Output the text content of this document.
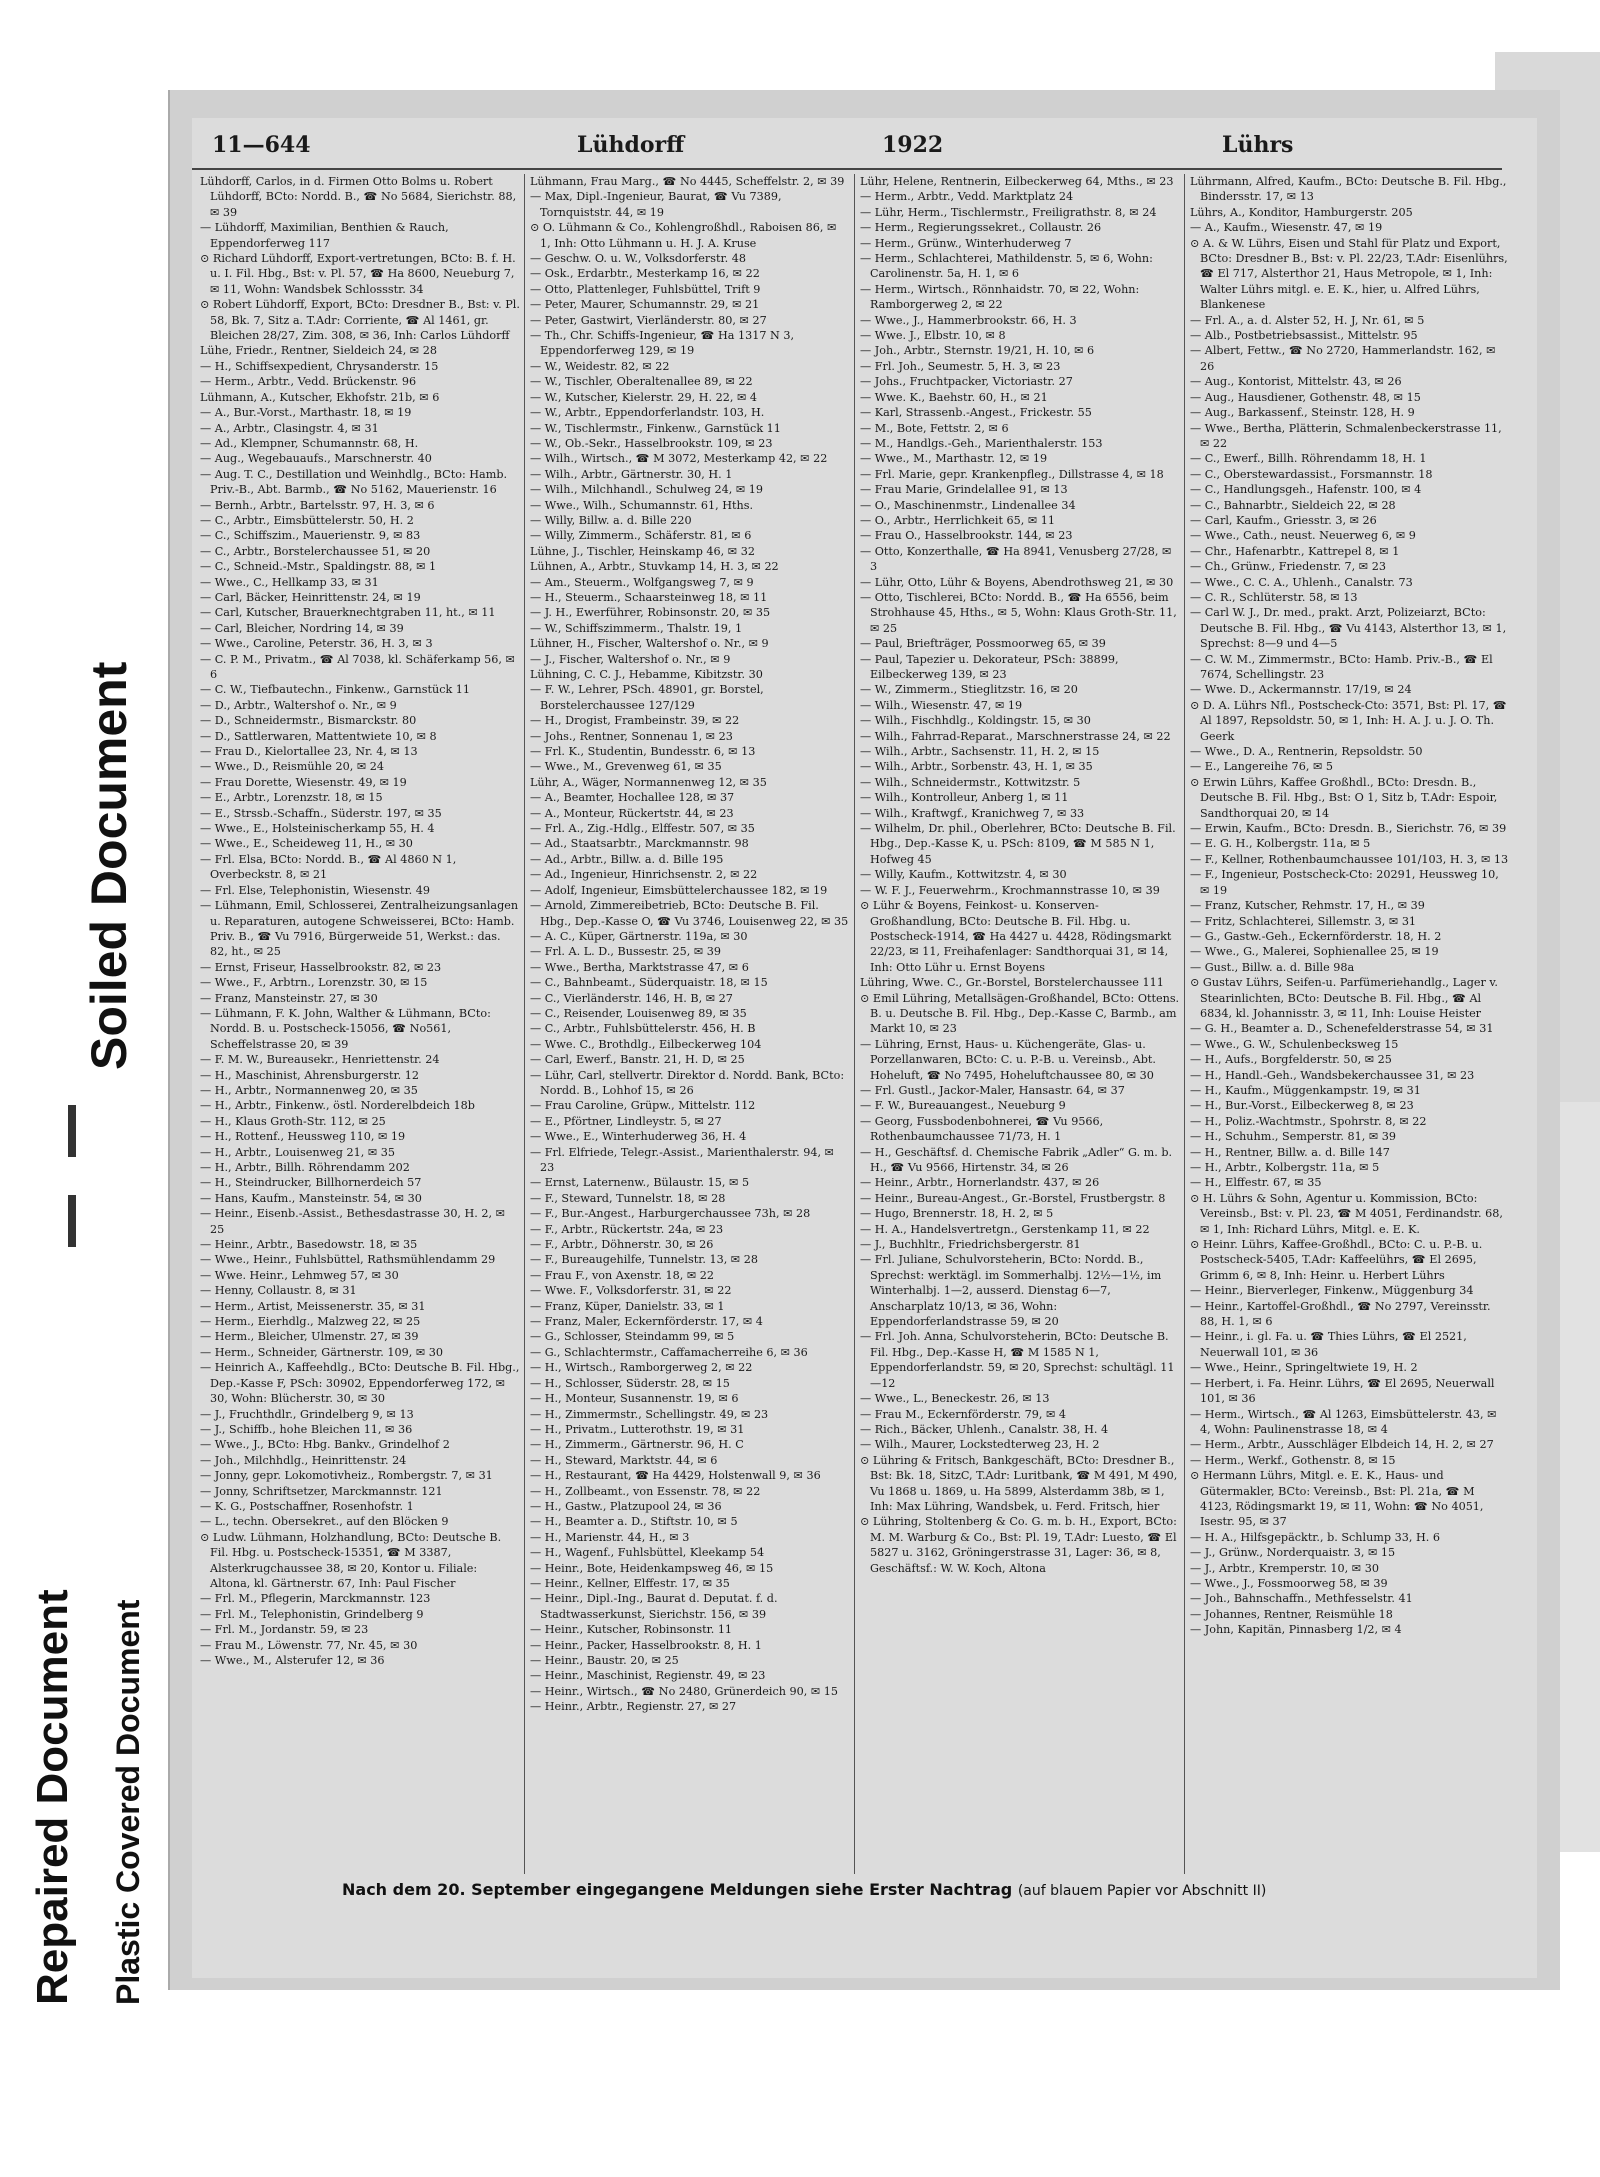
Soiled Document
Repaired Document Plastic Covered Document
11—644	Lühdorff	1922	Lührs

Lühdorff, Carlos, in d. Firmen Otto Bolms u. Robert Lühdorff, BCto: Nordd. B., ☎ No 5684, Sierichstr. 88, ✉ 39

— Lühdorff, Maximilian, Benthien & Rauch, Eppendorferweg 117

⊙ Richard Lühdorff, Export-vertretungen, BCto: B. f. H. u. I. Fil. Hbg., Bst: v. Pl. 57, ☎ Ha 8600, Neueburg 7, ✉ 11, Wohn: Wandsbek Schlossstr. 34

⊙ Robert Lühdorff, Export, BCto: Dresdner B., Bst: v. Pl. 58, Bk. 7, Sitz a. T.Adr: Corriente, ☎ Al 1461, gr. Bleichen 28/27, Zim. 308, ✉ 36, Inh: Carlos Lühdorff

Lühe, Friedr., Rentner, Sieldeich 24, ✉ 28

— H., Schiffsexpedient, Chrysanderstr. 15

— Herm., Arbtr., Vedd. Brückenstr. 96

Lühmann, A., Kutscher, Ekhofstr. 21b, ✉ 6

— A., Bur.-Vorst., Marthastr. 18, ✉ 19

— A., Arbtr., Clasingstr. 4, ✉ 31

— Ad., Klempner, Schumannstr. 68, H.

— Aug., Wegebauaufs., Marschnerstr. 40

— Aug. T. C., Destillation und Weinhdlg., BCto: Hamb. Priv.-B., Abt. Barmb., ☎ No 5162, Mauerienstr. 16

— Bernh., Arbtr., Bartelsstr. 97, H. 3, ✉ 6

— C., Arbtr., Eimsbüttelerstr. 50, H. 2

— C., Schiffszim., Mauerienstr. 9, ✉ 83

— C., Arbtr., Borstelerchaussee 51, ✉ 20

— C., Schneid.-Mstr., Spaldingstr. 88, ✉ 1

— Wwe., C., Hellkamp 33, ✉ 31

— Carl, Bäcker, Heinrittenstr. 24, ✉ 19

— Carl, Kutscher, Brauerknechtgraben 11, ht., ✉ 11

— Carl, Bleicher, Nordring 14, ✉ 39

— Wwe., Caroline, Peterstr. 36, H. 3, ✉ 3

— C. P. M., Privatm., ☎ Al 7038, kl. Schäferkamp 56, ✉ 6

— C. W., Tiefbautechn., Finkenw., Garnstück 11

— D., Arbtr., Waltershof o. Nr., ✉ 9

— D., Schneidermstr., Bismarckstr. 80

— D., Sattlerwaren, Mattentwiete 10, ✉ 8

— Frau D., Kielortallee 23, Nr. 4, ✉ 13

— Wwe., D., Reismühle 20, ✉ 24

— Frau Dorette, Wiesenstr. 49, ✉ 19

— E., Arbtr., Lorenzstr. 18, ✉ 15

— E., Strssb.-Schaffn., Süderstr. 197, ✉ 35

— Wwe., E., Holsteinischerkamp 55, H. 4

— Wwe., E., Scheideweg 11, H., ✉ 30

— Frl. Elsa, BCto: Nordd. B., ☎ Al 4860 N 1, Overbeckstr. 8, ✉ 21

— Frl. Else, Telephonistin, Wiesenstr. 49

— Lühmann, Emil, Schlosserei, Zentralheizungsanlagen u. Reparaturen, autogene Schweisserei, BCto: Hamb. Priv. B., ☎ Vu 7916, Bürgerweide 51, Werkst.: das. 82, ht., ✉ 25

— Ernst, Friseur, Hasselbrookstr. 82, ✉ 23

— Wwe., F., Arbtrn., Lorenzstr. 30, ✉ 15

— Franz, Mansteinstr. 27, ✉ 30

— Lühmann, F. K. John, Walther & Lühmann, BCto: Nordd. B. u. Postscheck-15056, ☎ No561, Scheffelstrasse 20, ✉ 39

— F. M. W., Bureausekr., Henriettenstr. 24

— H., Maschinist, Ahrensburgerstr. 12

— H., Arbtr., Normannenweg 20, ✉ 35

— H., Arbtr., Finkenw., östl. Norderelbdeich 18b

— H., Klaus Groth-Str. 112, ✉ 25

— H., Rottenf., Heussweg 110, ✉ 19

— H., Arbtr., Louisenweg 21, ✉ 35

— H., Arbtr., Billh. Röhrendamm 202

— H., Steindrucker, Billhornerdeich 57

— Hans, Kaufm., Mansteinstr. 54, ✉ 30

— Heinr., Eisenb.-Assist., Bethesdastrasse 30, H. 2, ✉ 25

— Heinr., Arbtr., Basedowstr. 18, ✉ 35

— Wwe., Heinr., Fuhlsbüttel, Rathsmühlendamm 29

— Wwe. Heinr., Lehmweg 57, ✉ 30

— Henny, Collaustr. 8, ✉ 31

— Herm., Artist, Meissenerstr. 35, ✉ 31

— Herm., Eierhdlg., Malzweg 22, ✉ 25

— Herm., Bleicher, Ulmenstr. 27, ✉ 39

— Herm., Schneider, Gärtnerstr. 109, ✉ 30

— Heinrich A., Kaffeehdlg., BCto: Deutsche B. Fil. Hbg., Dep.-Kasse F, PSch: 30902, Eppendorferweg 172, ✉ 30, Wohn: Blücherstr. 30, ✉ 30

— J., Fruchthdlr., Grindelberg 9, ✉ 13

— J., Schiffb., hohe Bleichen 11, ✉ 36

— Wwe., J., BCto: Hbg. Bankv., Grindelhof 2

— Joh., Milchhdlg., Heinrittenstr. 24

— Jonny, gepr. Lokomotivheiz., Rombergstr. 7, ✉ 31

— Jonny, Schriftsetzer, Marckmannstr. 121

— K. G., Postschaffner, Rosenhofstr. 1

— L., techn. Obersekret., auf den Blöcken 9

⊙ Ludw. Lühmann, Holzhandlung, BCto: Deutsche B. Fil. Hbg. u. Postscheck-15351, ☎ M 3387, Alsterkrugchaussee 38, ✉ 20, Kontor u. Filiale: Altona, kl. Gärtnerstr. 67, Inh: Paul Fischer

— Frl. M., Pflegerin, Marckmannstr. 123

— Frl. M., Telephonistin, Grindelberg 9

— Frl. M., Jordanstr. 59, ✉ 23

— Frau M., Löwenstr. 77, Nr. 45, ✉ 30

— Wwe., M., Alsterufer 12, ✉ 36

Lühmann, Frau Marg., ☎ No 4445, Scheffelstr. 2, ✉ 39

— Max, Dipl.-Ingenieur, Baurat, ☎ Vu 7389, Tornquiststr. 44, ✉ 19

⊙ O. Lühmann & Co., Kohlengroßhdl., Raboisen 86, ✉ 1, Inh: Otto Lühmann u. H. J. A. Kruse

— Geschw. O. u. W., Volksdorferstr. 48

— Osk., Erdarbtr., Mesterkamp 16, ✉ 22

— Otto, Plattenleger, Fuhlsbüttel, Trift 9

— Peter, Maurer, Schumannstr. 29, ✉ 21

— Peter, Gastwirt, Vierländerstr. 80, ✉ 27

— Th., Chr. Schiffs-Ingenieur, ☎ Ha 1317 N 3, Eppendorferweg 129, ✉ 19

— W., Weidestr. 82, ✉ 22

— W., Tischler, Oberaltenallee 89, ✉ 22

— W., Kutscher, Kielerstr. 29, H. 22, ✉ 4

— W., Arbtr., Eppendorferlandstr. 103, H.

— W., Tischlermstr., Finkenw., Garnstück 11

— W., Ob.-Sekr., Hasselbrookstr. 109, ✉ 23

— Wilh., Wirtsch., ☎ M 3072, Mesterkamp 42, ✉ 22

— Wilh., Arbtr., Gärtnerstr. 30, H. 1

— Wilh., Milchhandl., Schulweg 24, ✉ 19

— Wwe., Wilh., Schumannstr. 61, Hths.

— Willy, Billw. a. d. Bille 220

— Willy, Zimmerm., Schäferstr. 81, ✉ 6

Lühne, J., Tischler, Heinskamp 46, ✉ 32

Lühnen, A., Arbtr., Stuvkamp 14, H. 3, ✉ 22

— Am., Steuerm., Wolfgangsweg 7, ✉ 9

— H., Steuerm., Schaarsteinweg 18, ✉ 11

— J. H., Ewerführer, Robinsonstr. 20, ✉ 35

— W., Schiffszimmerm., Thalstr. 19, 1

Lühner, H., Fischer, Waltershof o. Nr., ✉ 9

— J., Fischer, Waltershof o. Nr., ✉ 9

Lühning, C. C. J., Hebamme, Kibitzstr. 30

— F. W., Lehrer, PSch. 48901, gr. Borstel, Borstelerchaussee 127/129

— H., Drogist, Frambeinstr. 39, ✉ 22

— Johs., Rentner, Sonnenau 1, ✉ 23

— Frl. K., Studentin, Bundesstr. 6, ✉ 13

— Wwe., M., Grevenweg 61, ✉ 35

Lühr, A., Wäger, Normannenweg 12, ✉ 35

— A., Beamter, Hochallee 128, ✉ 37

— A., Monteur, Rückertstr. 44, ✉ 23

— Frl. A., Zig.-Hdlg., Elffestr. 507, ✉ 35

— Ad., Staatsarbtr., Marckmannstr. 98

— Ad., Arbtr., Billw. a. d. Bille 195

— Ad., Ingenieur, Hinrichsenstr. 2, ✉ 22

— Adolf, Ingenieur, Eimsbüttelerchaussee 182, ✉ 19

— Arnold, Zimmereibetrieb, BCto: Deutsche B. Fil. Hbg., Dep.-Kasse O, ☎ Vu 3746, Louisenweg 22, ✉ 35

— A. C., Küper, Gärtnerstr. 119a, ✉ 30

— Frl. A. L. D., Bussestr. 25, ✉ 39

— Wwe., Bertha, Marktstrasse 47, ✉ 6

— C., Bahnbeamt., Süderquaistr. 18, ✉ 15

— C., Vierländerstr. 146, H. B, ✉ 27

— C., Reisender, Louisenweg 89, ✉ 35

— C., Arbtr., Fuhlsbüttelerstr. 456, H. B

— Wwe. C., Brothdlg., Eilbeckerweg 104

— Carl, Ewerf., Banstr. 21, H. D, ✉ 25

— Lühr, Carl, stellvertr. Direktor d. Nordd. Bank, BCto: Nordd. B., Lohhof 15, ✉ 26

— Frau Caroline, Grüpw., Mittelstr. 112

— E., Pförtner, Lindleystr. 5, ✉ 27

— Wwe., E., Winterhuderweg 36, H. 4

— Frl. Elfriede, Telegr.-Assist., Marienthalerstr. 94, ✉ 23

— Ernst, Laternenw., Bülaustr. 15, ✉ 5

— F., Steward, Tunnelstr. 18, ✉ 28

— F., Bur.-Angest., Harburgerchaussee 73h, ✉ 28

— F., Arbtr., Rückertstr. 24a, ✉ 23

— F., Arbtr., Döhnerstr. 30, ✉ 26

— F., Bureaugehilfe, Tunnelstr. 13, ✉ 28

— Frau F., von Axenstr. 18, ✉ 22

— Wwe. F., Volksdorferstr. 31, ✉ 22

— Franz, Küper, Danielstr. 33, ✉ 1

— Franz, Maler, Eckernförderstr. 17, ✉ 4

— G., Schlosser, Steindamm 99, ✉ 5

— G., Schlachtermstr., Caffamacherreihe 6, ✉ 36

— H., Wirtsch., Ramborgerweg 2, ✉ 22

— H., Schlosser, Süderstr. 28, ✉ 15

— H., Monteur, Susannenstr. 19, ✉ 6

— H., Zimmermstr., Schellingstr. 49, ✉ 23

— H., Privatm., Lutterothstr. 19, ✉ 31

— H., Zimmerm., Gärtnerstr. 96, H. C

— H., Steward, Marktstr. 44, ✉ 6

— H., Restaurant, ☎ Ha 4429, Holstenwall 9, ✉ 36

— H., Zollbeamt., von Essenstr. 78, ✉ 22

— H., Gastw., Platzupool 24, ✉ 36

— H., Beamter a. D., Stiftstr. 10, ✉ 5

— H., Marienstr. 44, H., ✉ 3

— H., Wagenf., Fuhlsbüttel, Kleekamp 54

— Heinr., Bote, Heidenkampsweg 46, ✉ 15

— Heinr., Kellner, Elffestr. 17, ✉ 35

— Heinr., Dipl.-Ing., Baurat d. Deputat. f. d. Stadtwasserkunst, Sierichstr. 156, ✉ 39

— Heinr., Kutscher, Robinsonstr. 11

— Heinr., Packer, Hasselbrookstr. 8, H. 1

— Heinr., Baustr. 20, ✉ 25

— Heinr., Maschinist, Regienstr. 49, ✉ 23

— Heinr., Wirtsch., ☎ No 2480, Grünerdeich 90, ✉ 15

— Heinr., Arbtr., Regienstr. 27, ✉ 27

Lühr, Helene, Rentnerin, Eilbeckerweg 64, Mths., ✉ 23

— Herm., Arbtr., Vedd. Marktplatz 24

— Lühr, Herm., Tischlermstr., Freiligrathstr. 8, ✉ 24

— Herm., Regierungssekret., Collaustr. 26

— Herm., Grünw., Winterhuderweg 7

— Herm., Schlachterei, Mathildenstr. 5, ✉ 6, Wohn: Carolinenstr. 5a, H. 1, ✉ 6

— Herm., Wirtsch., Rönnhaidstr. 70, ✉ 22, Wohn: Ramborgerweg 2, ✉ 22

— Wwe., J., Hammerbrookstr. 66, H. 3

— Wwe. J., Elbstr. 10, ✉ 8

— Joh., Arbtr., Sternstr. 19/21, H. 10, ✉ 6

— Frl. Joh., Seumestr. 5, H. 3, ✉ 23

— Johs., Fruchtpacker, Victoriastr. 27

— Wwe. K., Baehstr. 60, H., ✉ 21

— Karl, Strassenb.-Angest., Frickestr. 55

— M., Bote, Fettstr. 2, ✉ 6

— M., Handlgs.-Geh., Marienthalerstr. 153

— Wwe., M., Marthastr. 12, ✉ 19

— Frl. Marie, gepr. Krankenpfleg., Dillstrasse 4, ✉ 18

— Frau Marie, Grindelallee 91, ✉ 13

— O., Maschinenmstr., Lindenallee 34

— O., Arbtr., Herrlichkeit 65, ✉ 11

— Frau O., Hasselbrookstr. 144, ✉ 23

— Otto, Konzerthalle, ☎ Ha 8941, Venusberg 27/28, ✉ 3

— Lühr, Otto, Lühr & Boyens, Abendrothsweg 21, ✉ 30

— Otto, Tischlerei, BCto: Nordd. B., ☎ Ha 6556, beim Strohhause 45, Hths., ✉ 5, Wohn: Klaus Groth-Str. 11, ✉ 25

— Paul, Briefträger, Possmoorweg 65, ✉ 39

— Paul, Tapezier u. Dekorateur, PSch: 38899, Eilbeckerweg 139, ✉ 23

— W., Zimmerm., Stieglitzstr. 16, ✉ 20

— Wilh., Wiesenstr. 47, ✉ 19

— Wilh., Fischhdlg., Koldingstr. 15, ✉ 30

— Wilh., Fahrrad-Reparat., Marschnerstrasse 24, ✉ 22

— Wilh., Arbtr., Sachsenstr. 11, H. 2, ✉ 15

— Wilh., Arbtr., Sorbenstr. 43, H. 1, ✉ 35

— Wilh., Schneidermstr., Kottwitzstr. 5

— Wilh., Kontrolleur, Anberg 1, ✉ 11

— Wilh., Kraftwgf., Kranichweg 7, ✉ 33

— Wilhelm, Dr. phil., Oberlehrer, BCto: Deutsche B. Fil. Hbg., Dep.-Kasse K, u. PSch: 8109, ☎ M 585 N 1, Hofweg 45

— Willy, Kaufm., Kottwitzstr. 4, ✉ 30

— W. F. J., Feuerwehrm., Krochmannstrasse 10, ✉ 39

⊙ Lühr & Boyens, Feinkost- u. Konserven-Großhandlung, BCto: Deutsche B. Fil. Hbg. u. Postscheck-1914, ☎ Ha 4427 u. 4428, Rödingsmarkt 22/23, ✉ 11, Freihafenlager: Sandthorquai 31, ✉ 14, Inh: Otto Lühr u. Ernst Boyens

Lühring, Wwe. C., Gr.-Borstel, Borstelerchaussee 111

⊙ Emil Lühring, Metallsägen-Großhandel, BCto: Ottens. B. u. Deutsche B. Fil. Hbg., Dep.-Kasse C, Barmb., am Markt 10, ✉ 23

— Lühring, Ernst, Haus- u. Küchengeräte, Glas- u. Porzellanwaren, BCto: C. u. P.-B. u. Vereinsb., Abt. Hoheluft, ☎ No 7495, Hoheluftchaussee 80, ✉ 30

— Frl. Gustl., Jackor-Maler, Hansastr. 64, ✉ 37

— F. W., Bureauangest., Neueburg 9

— Georg, Fussbodenbohnerei, ☎ Vu 9566, Rothenbaumchaussee 71/73, H. 1

— H., Geschäftsf. d. Chemische Fabrik „Adler“ G. m. b. H., ☎ Vu 9566, Hirtenstr. 34, ✉ 26

— Heinr., Arbtr., Hornerlandstr. 437, ✉ 26

— Heinr., Bureau-Angest., Gr.-Borstel, Frustbergstr. 8

— Hugo, Brennerstr. 18, H. 2, ✉ 5

— H. A., Handelsvertretgn., Gerstenkamp 11, ✉ 22

— J., Buchhltr., Friedrichsbergerstr. 81

— Frl. Juliane, Schulvorsteherin, BCto: Nordd. B., Sprechst: werktägl. im Sommerhalbj. 12½—1½, im Winterhalbj. 1—2, ausserd. Dienstag 6—7, Anscharplatz 10/13, ✉ 36, Wohn: Eppendorferlandstrasse 59, ✉ 20

— Frl. Joh. Anna, Schulvorsteherin, BCto: Deutsche B. Fil. Hbg., Dep.-Kasse H, ☎ M 1585 N 1, Eppendorferlandstr. 59, ✉ 20, Sprechst: schultägl. 11—12

— Wwe., L., Beneckestr. 26, ✉ 13

— Frau M., Eckernförderstr. 79, ✉ 4

— Rich., Bäcker, Uhlenh., Canalstr. 38, H. 4

— Wilh., Maurer, Lockstedterweg 23, H. 2

⊙ Lühring & Fritsch, Bankgeschäft, BCto: Dresdner B., Bst: Bk. 18, SitzC, T.Adr: Luritbank, ☎ M 491, M 490, Vu 1868 u. 1869, u. Ha 5899, Alsterdamm 38b, ✉ 1, Inh: Max Lühring, Wandsbek, u. Ferd. Fritsch, hier

⊙ Lühring, Stoltenberg & Co. G. m. b. H., Export, BCto: M. M. Warburg & Co., Bst: Pl. 19, T.Adr: Luesto, ☎ El 5827 u. 3162, Gröningerstrasse 31, Lager: 36, ✉ 8, Geschäftsf.: W. W. Koch, Altona

Lührmann, Alfred, Kaufm., BCto: Deutsche B. Fil. Hbg., Bindersstr. 17, ✉ 13

Lührs, A., Konditor, Hamburgerstr. 205

— A., Kaufm., Wiesenstr. 47, ✉ 19

⊙ A. & W. Lührs, Eisen und Stahl für Platz und Export, BCto: Dresdner B., Bst: v. Pl. 22/23, T.Adr: Eisenlührs, ☎ El 717, Alsterthor 21, Haus Metropole, ✉ 1, Inh: Walter Lührs mitgl. e. E. K., hier, u. Alfred Lührs, Blankenese

— Frl. A., a. d. Alster 52, H. J, Nr. 61, ✉ 5

— Alb., Postbetriebsassist., Mittelstr. 95

— Albert, Fettw., ☎ No 2720, Hammerlandstr. 162, ✉ 26

— Aug., Kontorist, Mittelstr. 43, ✉ 26

— Aug., Hausdiener, Gothenstr. 48, ✉ 15

— Aug., Barkassenf., Steinstr. 128, H. 9

— Wwe., Bertha, Plätterin, Schmalenbeckerstrasse 11, ✉ 22

— C., Ewerf., Billh. Röhrendamm 18, H. 1

— C., Oberstewardassist., Forsmannstr. 18

— C., Handlungsgeh., Hafenstr. 100, ✉ 4

— C., Bahnarbtr., Sieldeich 22, ✉ 28

— Carl, Kaufm., Griesstr. 3, ✉ 26

— Wwe., Cath., neust. Neuerweg 6, ✉ 9

— Chr., Hafenarbtr., Kattrepel 8, ✉ 1

— Ch., Grünw., Friedenstr. 7, ✉ 23

— Wwe., C. C. A., Uhlenh., Canalstr. 73

— C. R., Schlüterstr. 58, ✉ 13

— Carl W. J., Dr. med., prakt. Arzt, Polizeiarzt, BCto: Deutsche B. Fil. Hbg., ☎ Vu 4143, Alsterthor 13, ✉ 1, Sprechst: 8—9 und 4—5

— C. W. M., Zimmermstr., BCto: Hamb. Priv.-B., ☎ El 7674, Schellingstr. 23

— Wwe. D., Ackermannstr. 17/19, ✉ 24

⊙ D. A. Lührs Nfl., Postscheck-Cto: 3571, Bst: Pl. 17, ☎ Al 1897, Repsoldstr. 50, ✉ 1, Inh: H. A. J. u. J. O. Th. Geerk

— Wwe., D. A., Rentnerin, Repsoldstr. 50

— E., Langereihe 76, ✉ 5

⊙ Erwin Lührs, Kaffee Großhdl., BCto: Dresdn. B., Deutsche B. Fil. Hbg., Bst: O 1, Sitz b, T.Adr: Espoir, Sandthorquai 20, ✉ 14

— Erwin, Kaufm., BCto: Dresdn. B., Sierichstr. 76, ✉ 39

— E. G. H., Kolbergstr. 11a, ✉ 5

— F., Kellner, Rothenbaumchaussee 101/103, H. 3, ✉ 13

— F., Ingenieur, Postscheck-Cto: 20291, Heussweg 10, ✉ 19

— Franz, Kutscher, Rehmstr. 17, H., ✉ 39

— Fritz, Schlachterei, Sillemstr. 3, ✉ 31

— G., Gastw.-Geh., Eckernförderstr. 18, H. 2

— Wwe., G., Malerei, Sophienallee 25, ✉ 19

— Gust., Billw. a. d. Bille 98a

⊙ Gustav Lührs, Seifen-u. Parfümeriehandlg., Lager v. Stearinlichten, BCto: Deutsche B. Fil. Hbg., ☎ Al 6834, kl. Johannisstr. 3, ✉ 11, Inh: Louise Heister

— G. H., Beamter a. D., Schenefelderstrasse 54, ✉ 31

— Wwe., G. W., Schulenbecksweg 15

— H., Aufs., Borgfelderstr. 50, ✉ 25

— H., Handl.-Geh., Wandsbekerchaussee 31, ✉ 23

— H., Kaufm., Müggenkampstr. 19, ✉ 31

— H., Bur.-Vorst., Eilbeckerweg 8, ✉ 23

— H., Poliz.-Wachtmstr., Spohrstr. 8, ✉ 22

— H., Schuhm., Semperstr. 81, ✉ 39

— H., Rentner, Billw. a. d. Bille 147

— H., Arbtr., Kolbergstr. 11a, ✉ 5

— H., Elffestr. 67, ✉ 35

⊙ H. Lührs & Sohn, Agentur u. Kommission, BCto: Vereinsb., Bst: v. Pl. 23, ☎ M 4051, Ferdinandstr. 68, ✉ 1, Inh: Richard Lührs, Mitgl. e. E. K.

⊙ Heinr. Lührs, Kaffee-Großhdl., BCto: C. u. P.-B. u. Postscheck-5405, T.Adr: Kaffeelührs, ☎ El 2695, Grimm 6, ✉ 8, Inh: Heinr. u. Herbert Lührs

— Heinr., Bierverleger, Finkenw., Müggenburg 34

— Heinr., Kartoffel-Großhdl., ☎ No 2797, Vereinsstr. 88, H. 1, ✉ 6

— Heinr., i. gl. Fa. u. ☎ Thies Lührs, ☎ El 2521, Neuerwall 101, ✉ 36

— Wwe., Heinr., Springeltwiete 19, H. 2

— Herbert, i. Fa. Heinr. Lührs, ☎ El 2695, Neuerwall 101, ✉ 36

— Herm., Wirtsch., ☎ Al 1263, Eimsbüttelerstr. 43, ✉ 4, Wohn: Paulinenstrasse 18, ✉ 4

— Herm., Arbtr., Ausschläger Elbdeich 14, H. 2, ✉ 27

— Herm., Werkf., Gothenstr. 8, ✉ 15

⊙ Hermann Lührs, Mitgl. e. E. K., Haus- und Gütermakler, BCto: Vereinsb., Bst: Pl. 21a, ☎ M 4123, Rödingsmarkt 19, ✉ 11, Wohn: ☎ No 4051, Isestr. 95, ✉ 37

— H. A., Hilfsgepäcktr., b. Schlump 33, H. 6

— J., Grünw., Norderquaistr. 3, ✉ 15

— J., Arbtr., Kremperstr. 10, ✉ 30

— Wwe., J., Fossmoorweg 58, ✉ 39

— Joh., Bahnschaffn., Methfesselstr. 41

— Johannes, Rentner, Reismühle 18

— John, Kapitän, Pinnasberg 1/2, ✉ 4

Nach dem 20. September eingegangene Meldungen siehe Erster Nachtrag (auf blauem Papier vor Abschnitt II)
